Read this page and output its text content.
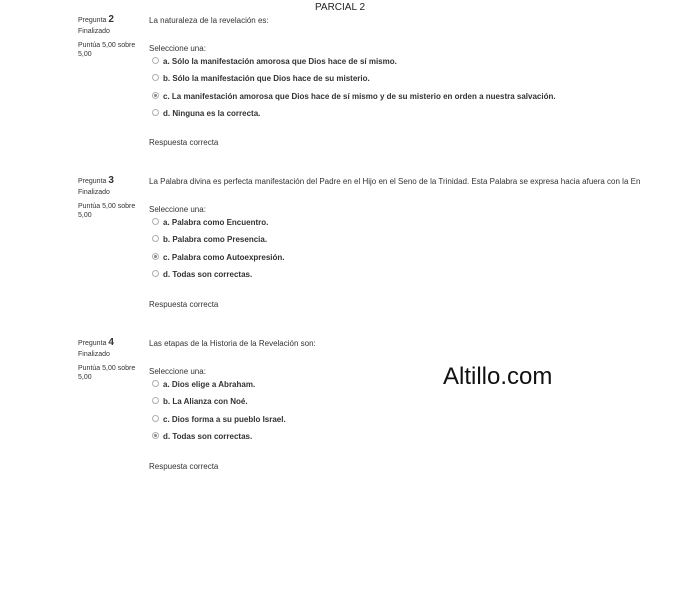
PARCIAL 2
Pregunta 2
Finalizado
Puntúa 5,00 sobre 5,00
La naturaleza de la revelación es:
Seleccione una:
a. Sólo la manifestación amorosa que Dios hace de sí mismo.
b. Sólo la manifestación que Dios hace de su misterio.
c. La manifestación amorosa que Dios hace de sí mismo y de su misterio en orden a nuestra salvación.
d. Ninguna es la correcta.
Respuesta correcta
Pregunta 3
Finalizado
Puntúa 5,00 sobre 5,00
La Palabra divina es perfecta manifestación del Padre en el Hijo en el Seno de la Trinidad. Esta Palabra se expresa hacia afuera con la En
Seleccione una:
a. Palabra como Encuentro.
b. Palabra como Presencia.
c. Palabra como Autoexpresión.
d. Todas son correctas.
Respuesta correcta
Pregunta 4
Finalizado
Puntúa 5,00 sobre 5,00
Las etapas de la Historia de la Revelación son:
Seleccione una:
a. Dios elige a Abraham.
b. La Alianza con Noé.
c. Dios forma a su pueblo Israel.
d. Todas son correctas.
Respuesta correcta
Altillo.com
